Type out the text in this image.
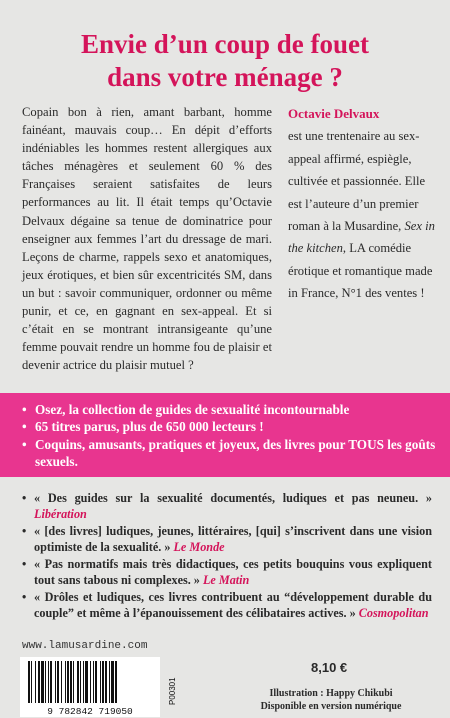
Envie d’un coup de fouet
dans votre ménage ?
Copain bon à rien, amant barbant, homme fainéant, mauvais coup… En dépit d’efforts indéniables les hommes restent allergiques aux tâches ménagères et seulement 60 % des Françaises seraient satisfaites de leurs performances au lit. Il était temps qu’Octavie Delvaux dégaine sa tenue de dominatrice pour enseigner aux femmes l’art du dressage de mari. Leçons de charme, rappels sexo et anatomiques, jeux érotiques, et bien sûr excentricités SM, dans un but : savoir communiquer, ordonner ou même punir, et ce, en gagnant en sex-appeal. Et si c’était en se montrant intransigeante qu’une femme pouvait rendre un homme fou de plaisir et devenir actrice du plaisir mutuel ?
Octavie Delvaux
est une trentenaire au sex-appeal affirmé, espiègle, cultivée et passionnée. Elle est l’auteure d’un premier roman à la Musardine, Sex in the kitchen, LA comédie érotique et romantique made in France, N°1 des ventes !
• Osez, la collection de guides de sexualité incontournable
• 65 titres parus, plus de 650 000 lecteurs !
• Coquins, amusants, pratiques et joyeux, des livres pour TOUS les goûts sexuels.
• « Des guides sur la sexualité documentés, ludiques et pas neuneu. » Libération
• « [des livres] ludiques, jeunes, littéraires, [qui] s’inscrivent dans une vision optimiste de la sexualité. » Le Monde
• « Pas normatifs mais très didactiques, ces petits bouquins vous expliquent tout sans tabous ni complexes. » Le Matin
• « Drôles et ludiques, ces livres contribuent au “développement durable du couple” et même à l’épanouissement des célibataires actives. » Cosmopolitan
www.lamusardine.com
9 782842 719050
P00301
8,10 €
Illustration : Happy Chikubi
Disponible en version numérique
